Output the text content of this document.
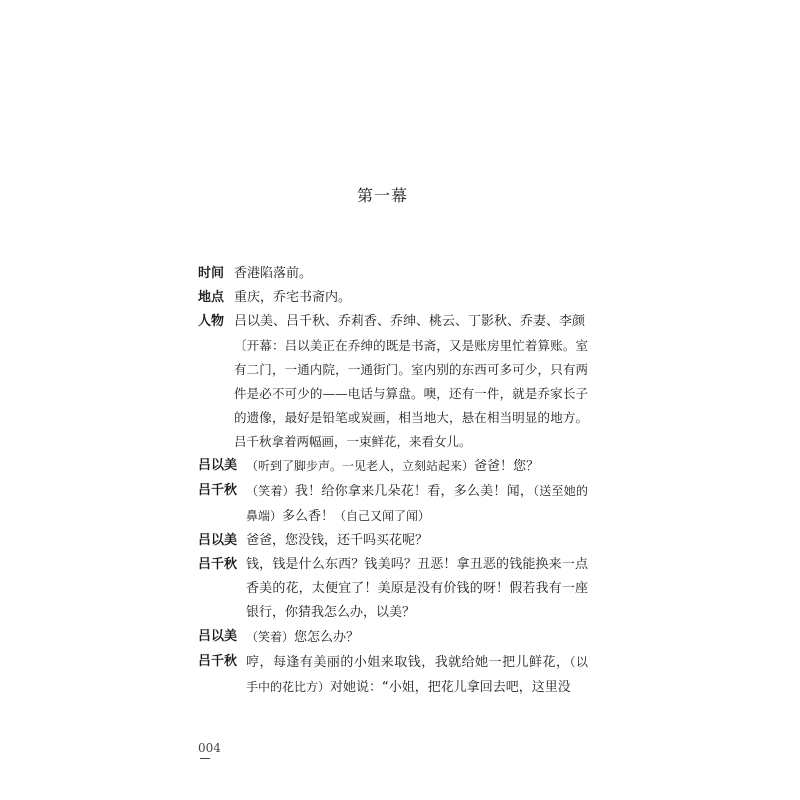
第一幕
时间 香港陷落前。
地点 重庆，乔宅书斋内。
人物 吕以美、吕千秋、乔莉香、乔绅、桃云、丁影秋、乔妻、李颜
〔开幕：吕以美正在乔绅的既是书斋，又是账房里忙着算账。室有二门，一通内院，一通街门。室内别的东西可多可少，只有两件是必不可少的——电话与算盘。噢，还有一件，就是乔家长子的遗像，最好是铅笔或炭画，相当地大，悬在相当明显的地方。吕千秋拿着两幅画，一束鲜花，来看女儿。
吕以美 （听到了脚步声。一见老人，立刻站起来）爸爸！您？
吕千秋 （笑着）我！给你拿来几朵花！看，多么美！闻，（送至她的鼻端）多么香！（自己又闻了闻）
吕以美 爸爸，您没钱，还千吗买花呢？
吕千秋 钱，钱是什么东西？钱美吗？丑恶！拿丑恶的钱能换来一点香美的花，太便宜了！美原是没有价钱的呀！假若我有一座银行，你猜我怎么办，以美？
吕以美 （笑着）您怎么办？
吕千秋 哼，每逢有美丽的小姐来取钱，我就给她一把儿鲜花，（以手中的花比方）对她说：“小姐，把花儿拿回去吧，这里没
004
